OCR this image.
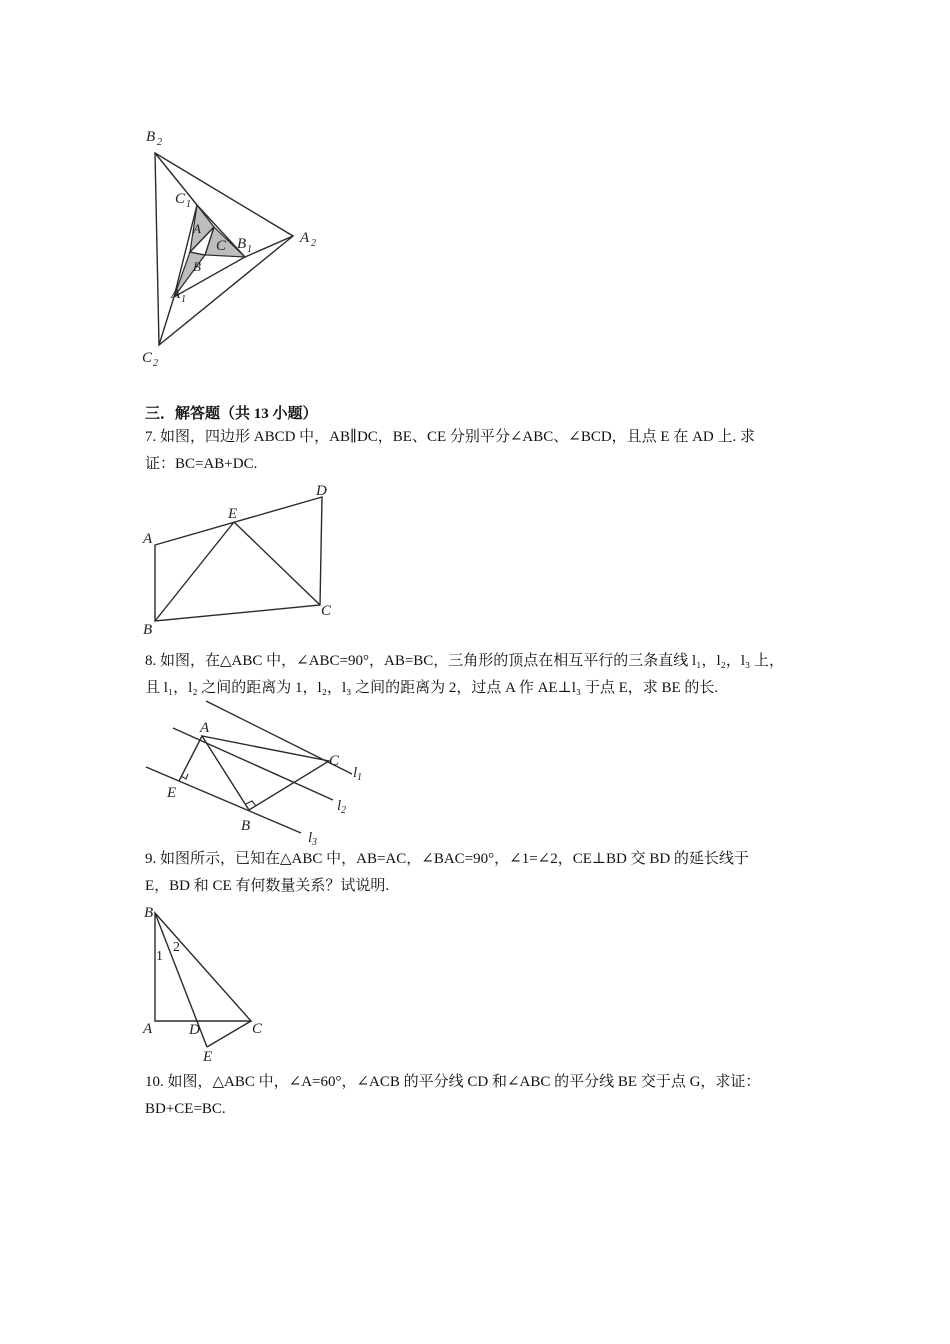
B 2
C 1
A
C B 1
A 2
B
A 1
C 2
三．解答题（共 13 小题）
7. 如图，四边形 ABCD 中，AB∥DC，BE、CE 分别平分∠ABC、∠BCD，且点 E 在 AD 上. 求
证：BC=AB+DC.
A
B
C
D
E
8. 如图，在△ABC 中，∠ABC=90°，AB=BC，三角形的顶点在相互平行的三条直线 l₁，l₂，l₃ 上，
且 l₁，l₂ 之间的距离为 1，l₂，l₃ 之间的距离为 2，过点 A 作 AE⊥l₃ 于点 E，求 BE 的长.
A
C
E
B
l 1
l 2
l 3
9. 如图所示，已知在△ABC 中，AB=AC，∠BAC=90°，∠1=∠2，CE⊥BD 交 BD 的延长线于
E，BD 和 CE 有何数量关系？试说明.
B
1
2
A D	C
E
10. 如图，△ABC 中，∠A=60°，∠ACB 的平分线 CD 和∠ABC 的平分线 BE 交于点 G，求证：
BD+CE=BC.
